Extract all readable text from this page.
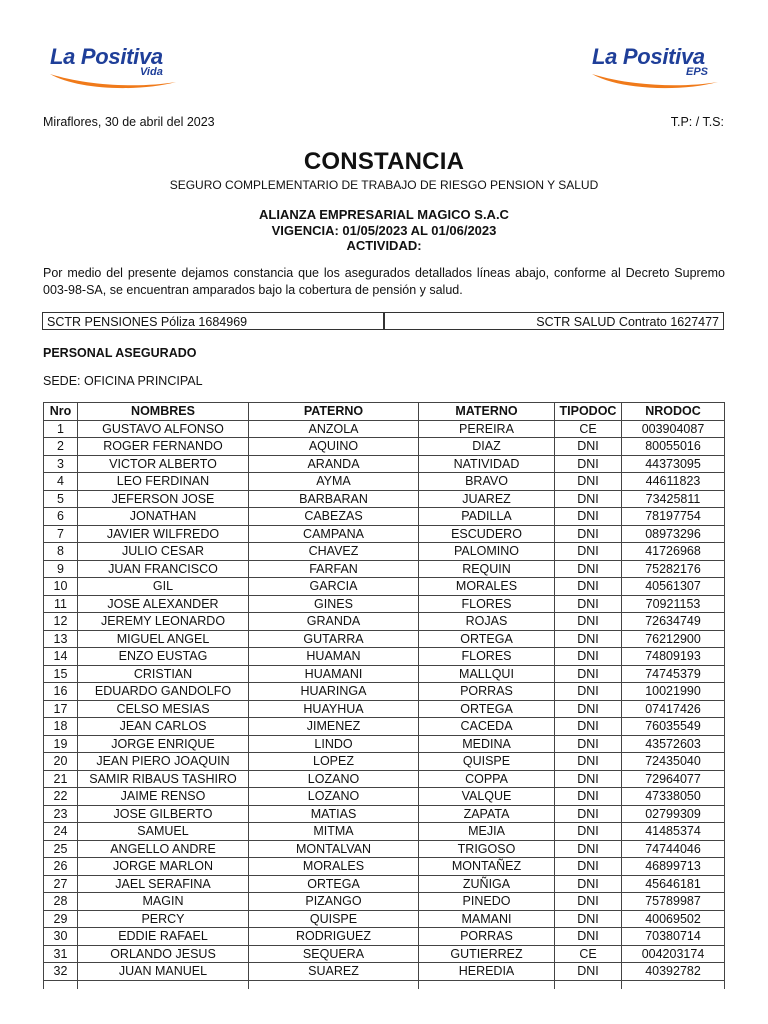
La Positiva
Vida
La Positiva
EPS
Miraflores, 30 de abril del 2023	T.P: / T.S:
CONSTANCIA
SEGURO COMPLEMENTARIO DE TRABAJO DE RIESGO PENSION Y SALUD
ALIANZA EMPRESARIAL MAGICO S.A.C
VIGENCIA: 01/05/2023 AL 01/06/2023
ACTIVIDAD:
Por medio del presente dejamos constancia que los asegurados detallados líneas abajo, conforme al Decreto Supremo 003-98-SA, se encuentran amparados bajo la cobertura de pensión y salud.
SCTR PENSIONES Póliza 1684969	SCTR SALUD Contrato 1627477
PERSONAL ASEGURADO
SEDE: OFICINA PRINCIPAL
Nro	NOMBRES	PATERNO	MATERNO	TIPODOC	NRODOC
1	GUSTAVO ALFONSO	ANZOLA	PEREIRA	CE	003904087
2	ROGER FERNANDO	AQUINO	DIAZ	DNI	80055016
3	VICTOR ALBERTO	ARANDA	NATIVIDAD	DNI	44373095
4	LEO FERDINAN	AYMA	BRAVO	DNI	44611823
5	JEFERSON JOSE	BARBARAN	JUAREZ	DNI	73425811
6	JONATHAN	CABEZAS	PADILLA	DNI	78197754
7	JAVIER WILFREDO	CAMPANA	ESCUDERO	DNI	08973296
8	JULIO CESAR	CHAVEZ	PALOMINO	DNI	41726968
9	JUAN FRANCISCO	FARFAN	REQUIN	DNI	75282176
10	GIL	GARCIA	MORALES	DNI	40561307
11	JOSE ALEXANDER	GINES	FLORES	DNI	70921153
12	JEREMY LEONARDO	GRANDA	ROJAS	DNI	72634749
13	MIGUEL ANGEL	GUTARRA	ORTEGA	DNI	76212900
14	ENZO EUSTAG	HUAMAN	FLORES	DNI	74809193
15	CRISTIAN	HUAMANI	MALLQUI	DNI	74745379
16	EDUARDO GANDOLFO	HUARINGA	PORRAS	DNI	10021990
17	CELSO MESIAS	HUAYHUA	ORTEGA	DNI	07417426
18	JEAN CARLOS	JIMENEZ	CACEDA	DNI	76035549
19	JORGE ENRIQUE	LINDO	MEDINA	DNI	43572603
20	JEAN PIERO JOAQUIN	LOPEZ	QUISPE	DNI	72435040
21	SAMIR RIBAUS TASHIRO	LOZANO	COPPA	DNI	72964077
22	JAIME RENSO	LOZANO	VALQUE	DNI	47338050
23	JOSE GILBERTO	MATIAS	ZAPATA	DNI	02799309
24	SAMUEL	MITMA	MEJIA	DNI	41485374
25	ANGELLO ANDRE	MONTALVAN	TRIGOSO	DNI	74744046
26	JORGE MARLON	MORALES	MONTAÑEZ	DNI	46899713
27	JAEL SERAFINA	ORTEGA	ZUÑIGA	DNI	45646181
28	MAGIN	PIZANGO	PINEDO	DNI	75789987
29	PERCY	QUISPE	MAMANI	DNI	40069502
30	EDDIE RAFAEL	RODRIGUEZ	PORRAS	DNI	70380714
31	ORLANDO JESUS	SEQUERA	GUTIERREZ	CE	004203174
32	JUAN MANUEL	SUAREZ	HEREDIA	DNI	40392782
